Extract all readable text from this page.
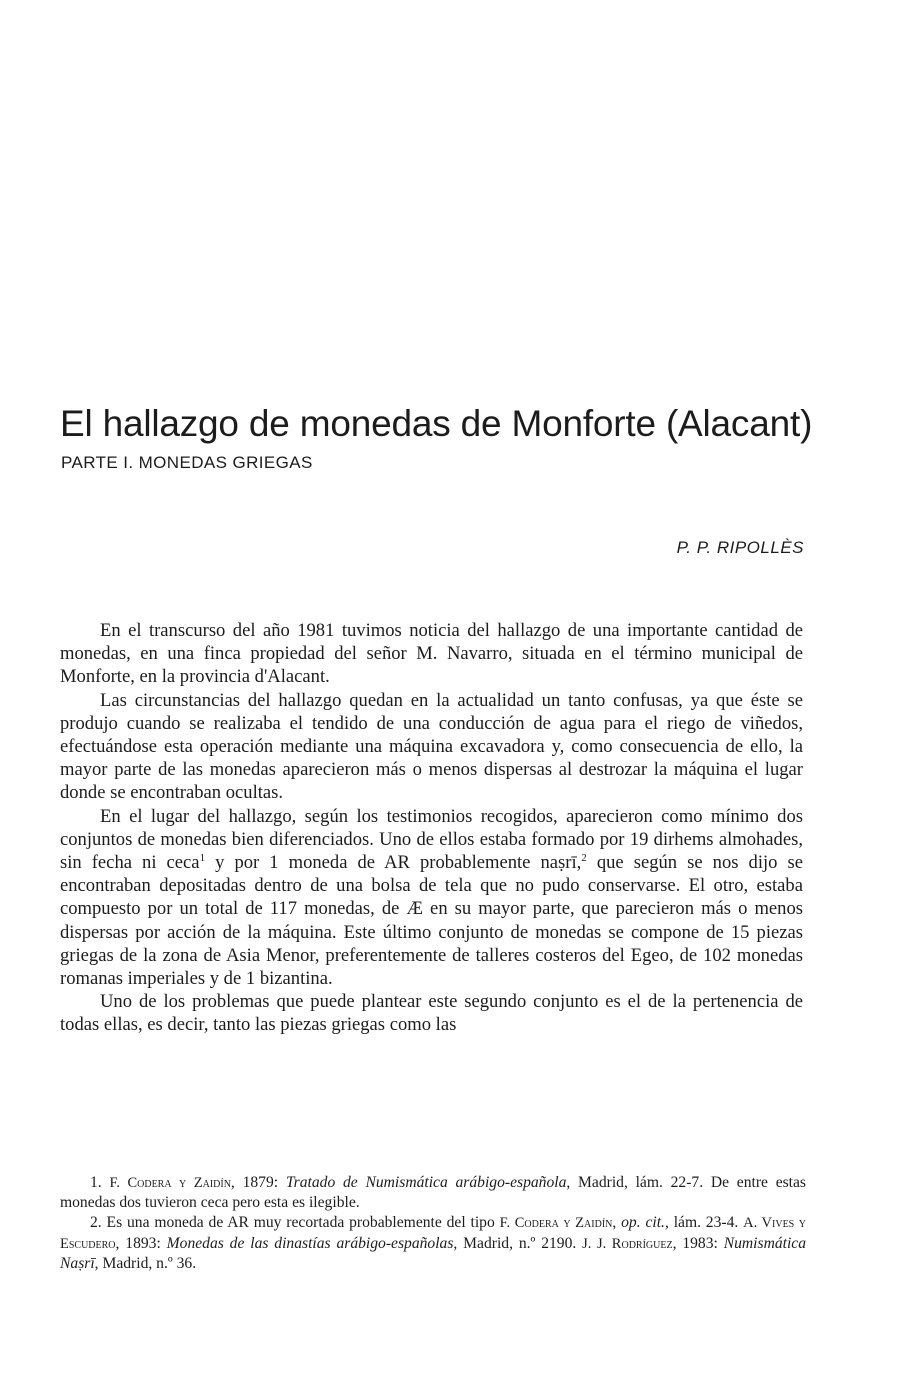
El hallazgo de monedas de Monforte (Alacant)
PARTE I. MONEDAS GRIEGAS
P. P. RIPOLLÈS

En el transcurso del año 1981 tuvimos noticia del hallazgo de una importante cantidad de monedas, en una finca propiedad del señor M. Navarro, situada en el término municipal de Monforte, en la provincia d'Alacant.

Las circunstancias del hallazgo quedan en la actualidad un tanto confusas, ya que éste se produjo cuando se realizaba el tendido de una conducción de agua para el riego de viñedos, efectuándose esta operación mediante una máquina excavadora y, como consecuencia de ello, la mayor parte de las monedas aparecieron más o menos dispersas al destrozar la máquina el lugar donde se encontraban ocultas.

En el lugar del hallazgo, según los testimonios recogidos, aparecieron como mínimo dos conjuntos de monedas bien diferenciados. Uno de ellos estaba formado por 19 dirhems almohades, sin fecha ni ceca$^1$ y por 1 moneda de AR probablemente naṣrī,$^2$ que según se nos dijo se encontraban depositadas dentro de una bolsa de tela que no pudo conservarse. El otro, estaba compuesto por un total de 117 monedas, de Æ en su mayor parte, que parecieron más o menos dispersas por acción de la máquina. Este último conjunto de monedas se compone de 15 piezas griegas de la zona de Asia Menor, preferentemente de talleres costeros del Egeo, de 102 monedas romanas imperiales y de 1 bizantina.

Uno de los problemas que puede plantear este segundo conjunto es el de la pertenencia de todas ellas, es decir, tanto las piezas griegas como las

1. F. Codera y Zaidín, 1879: Tratado de Numismática arábigo-española, Madrid, lám. 22-7. De entre estas monedas dos tuvieron ceca pero esta es ilegible.

2. Es una moneda de AR muy recortada probablemente del tipo F. Codera y Zaidín, op. cit., lám. 23-4. A. Vives y Escudero, 1893: Monedas de las dinastías arábigo-españolas, Madrid, n.º 2190. J. J. Rodríguez, 1983: Numismática Naṣrī, Madrid, n.º 36.
